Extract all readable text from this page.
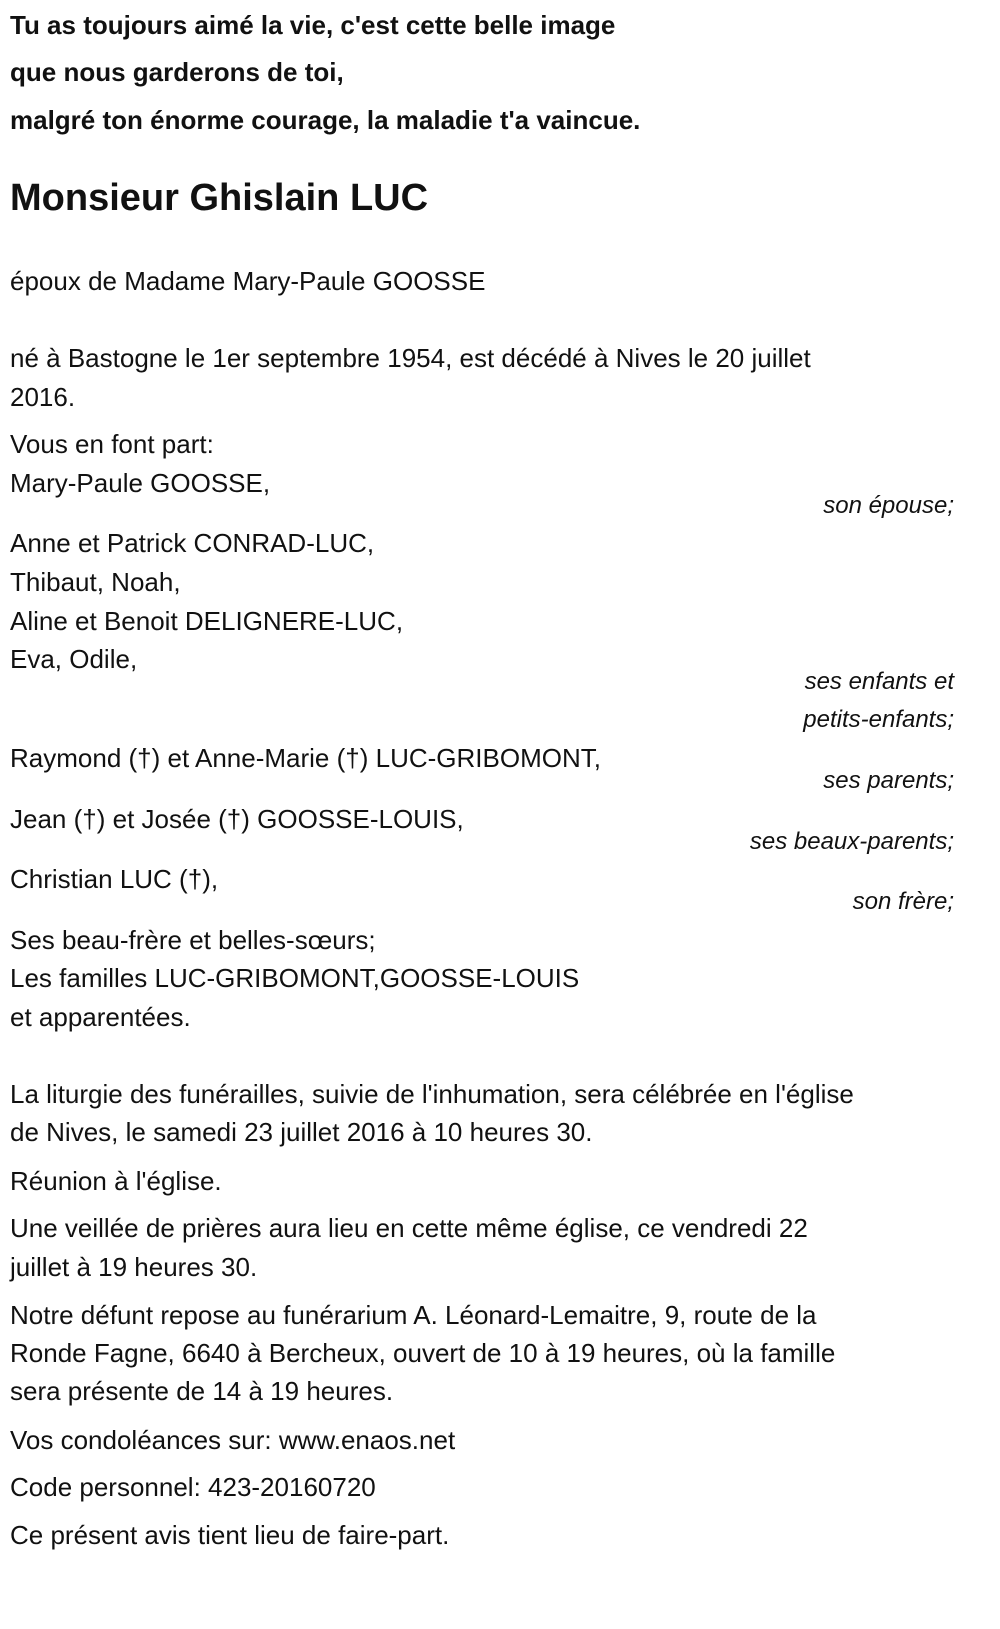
Tu as toujours aimé la vie, c'est cette belle image
que nous garderons de toi,
malgré ton énorme courage, la maladie t'a vaincue.
Monsieur Ghislain LUC
époux de Madame Mary-Paule GOOSSE
né à Bastogne le 1er septembre 1954, est décédé à Nives le 20 juillet
2016.
Vous en font part:
Mary-Paule GOOSSE,
son épouse;
Anne et Patrick CONRAD-LUC,
Thibaut, Noah,
Aline et Benoit DELIGNERE-LUC,
Eva, Odile,
ses enfants et
petits-enfants;
Raymond (†) et Anne-Marie (†) LUC-GRIBOMONT,
ses parents;
Jean (†) et Josée (†) GOOSSE-LOUIS,
ses beaux-parents;
Christian LUC (†),
son frère;
Ses beau-frère et belles-sœurs;
Les familles LUC-GRIBOMONT,GOOSSE-LOUIS
et apparentées.
La liturgie des funérailles, suivie de l'inhumation, sera célébrée en l'église
de Nives, le samedi 23 juillet 2016 à 10 heures 30.
Réunion à l'église.
Une veillée de prières aura lieu en cette même église, ce vendredi 22
juillet à 19 heures 30.
Notre défunt repose au funérarium A. Léonard-Lemaitre, 9, route de la
Ronde Fagne, 6640 à Bercheux, ouvert de 10 à 19 heures, où la famille
sera présente de 14 à 19 heures.
Vos condoléances sur: www.enaos.net
Code personnel: 423-20160720
Ce présent avis tient lieu de faire-part.
